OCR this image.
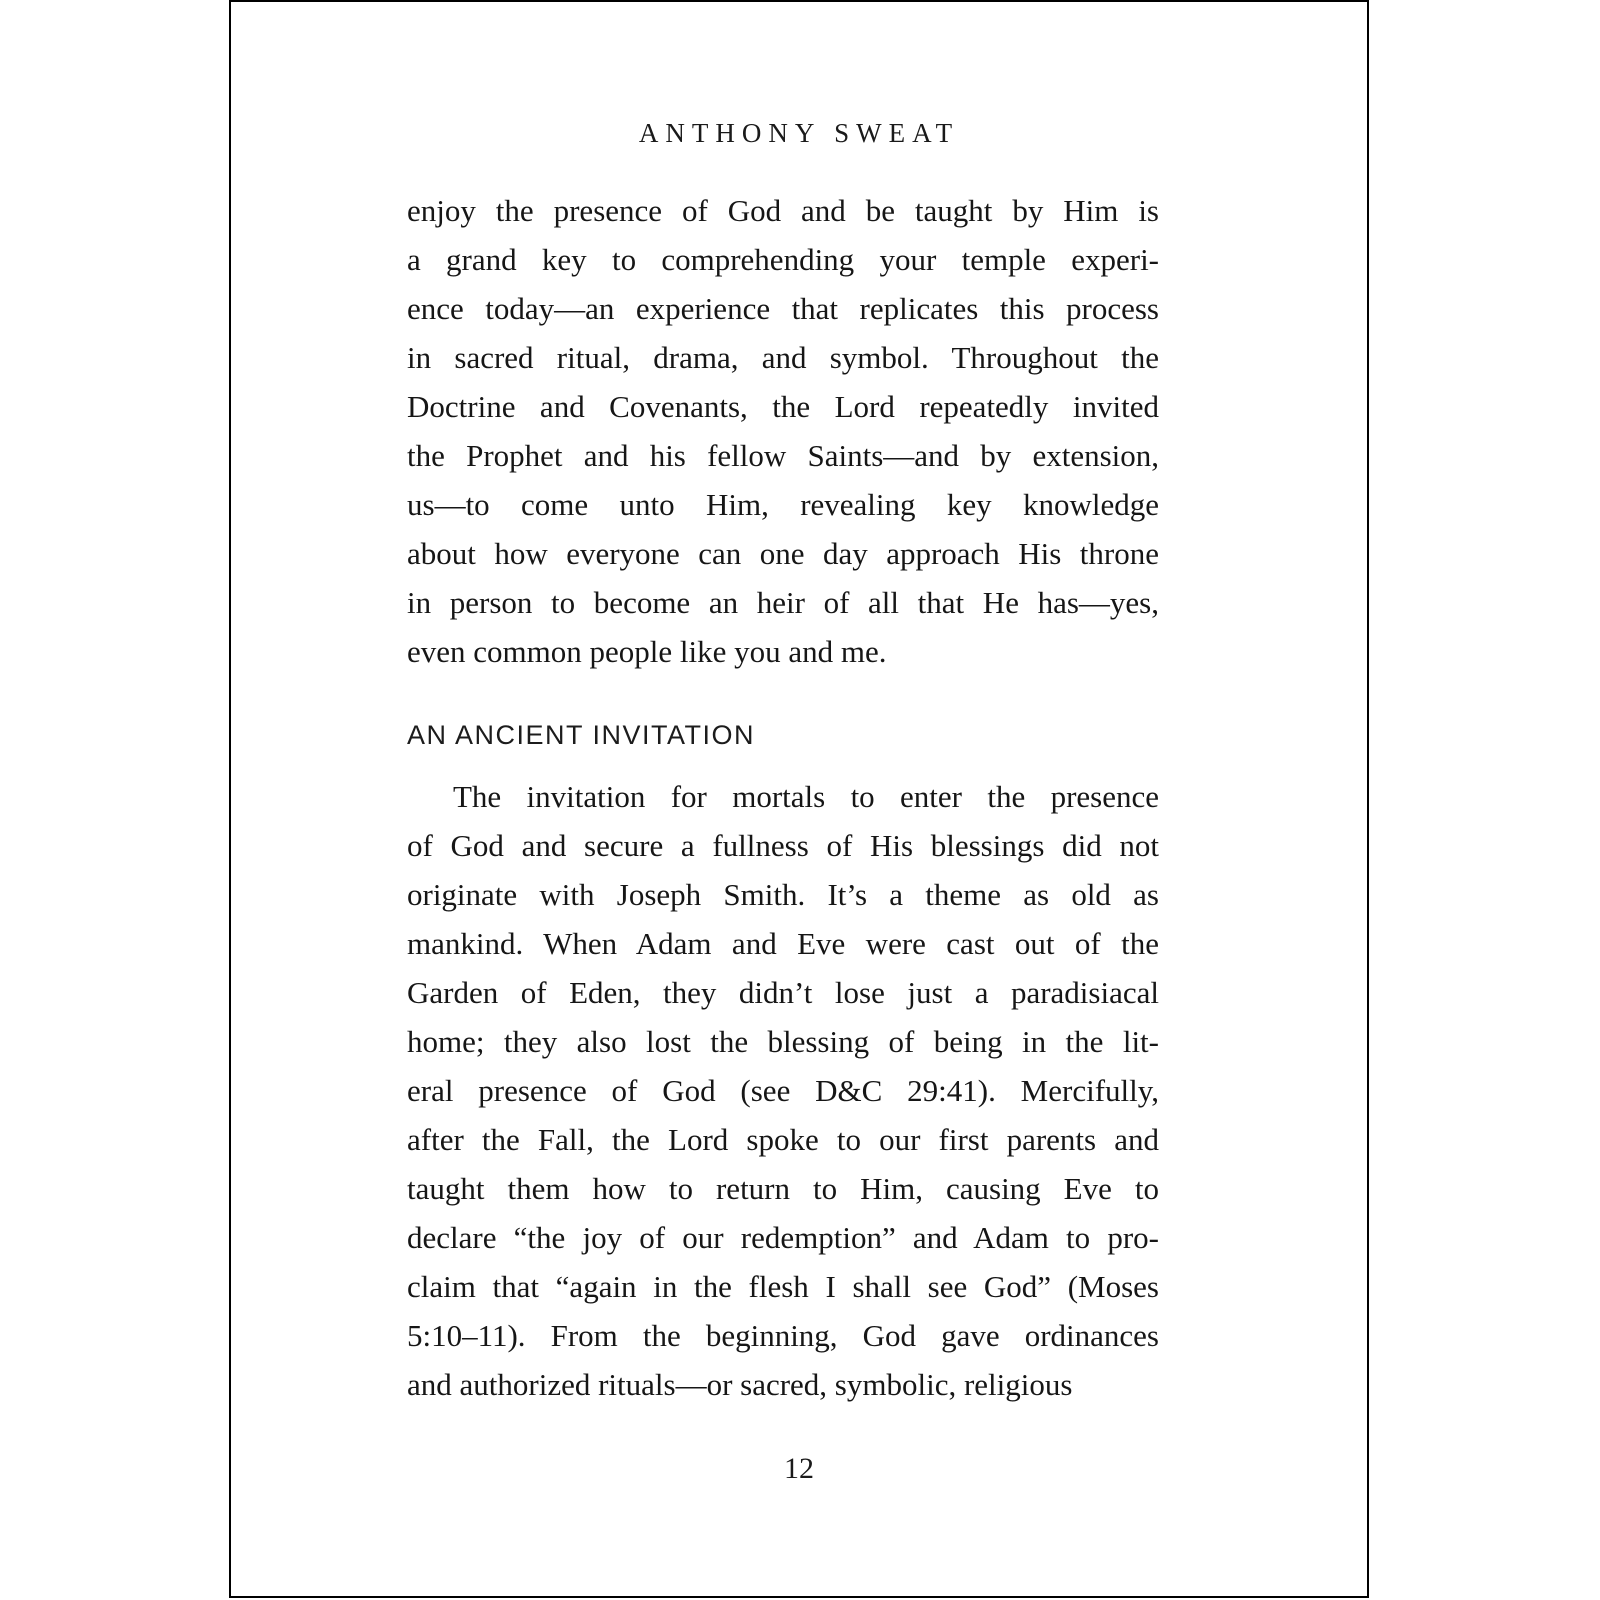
ANTHONY SWEAT
enjoy the presence of God and be taught by Him is
a grand key to comprehending your temple experi-
ence today—an experience that replicates this process
in sacred ritual, drama, and symbol. Throughout the
Doctrine and Covenants, the Lord repeatedly invited
the Prophet and his fellow Saints—and by extension,
us—to come unto Him, revealing key knowledge
about how everyone can one day approach His throne
in person to become an heir of all that He has—yes,
even common people like you and me.
AN ANCIENT INVITATION
The invitation for mortals to enter the presence
of God and secure a fullness of His blessings did not
originate with Joseph Smith. It’s a theme as old as
mankind. When Adam and Eve were cast out of the
Garden of Eden, they didn’t lose just a paradisiacal
home; they also lost the blessing of being in the lit-
eral presence of God (see D&C 29:41). Mercifully,
after the Fall, the Lord spoke to our first parents and
taught them how to return to Him, causing Eve to
declare “the joy of our redemption” and Adam to pro-
claim that “again in the flesh I shall see God” (Moses
5:10–11). From the beginning, God gave ordinances
and authorized rituals—or sacred, symbolic, religious
12
